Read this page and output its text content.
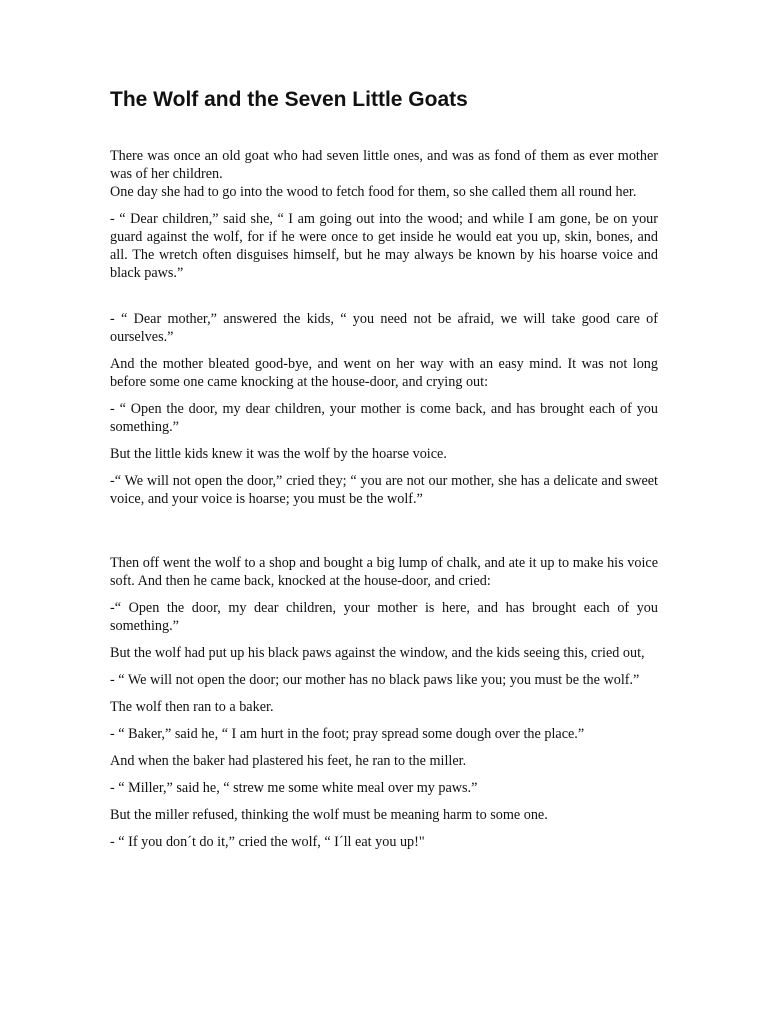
The Wolf and the Seven Little Goats

There was once an old goat who had seven little ones, and was as fond of them as ever mother was of her children.

One day she had to go into the wood to fetch food for them, so she called them all round her.

- “ Dear children,” said she, “ I am going out into the wood; and while I am gone, be on your guard against the wolf, for if he were once to get inside he would eat you up, skin, bones, and all. The wretch often disguises himself, but he may always be known by his hoarse voice and black paws.”

- “ Dear mother,” answered the kids, “ you need not be afraid, we will take good care of ourselves.”

And the mother bleated good-bye, and went on her way with an easy mind. It was not long before some one came knocking at the house-door, and crying out:

- “ Open the door, my dear children, your mother is come back, and has brought each of you something.”

But the little kids knew it was the wolf by the hoarse voice.

-“ We will not open the door,” cried they; “ you are not our mother, she has a delicate and sweet voice, and your voice is hoarse; you must be the wolf.”

Then off went the wolf to a shop and bought a big lump of chalk, and ate it up to make his voice soft. And then he came back, knocked at the house-door, and cried:

-“ Open the door, my dear children, your mother is here, and has brought each of you something.”

But the wolf had put up his black paws against the window, and the kids seeing this, cried out,

- “ We will not open the door; our mother has no black paws like you; you must be the wolf.”

The wolf then ran to a baker.

- “ Baker,” said he, “ I am hurt in the foot; pray spread some dough over the place.”

And when the baker had plastered his feet, he ran to the miller.

- “ Miller,” said he, “ strew me some white meal over my paws.”

But the miller refused, thinking the wolf must be meaning harm to some one.

- “ If you don´t do it,” cried the wolf, “ I´ll eat you up!"
